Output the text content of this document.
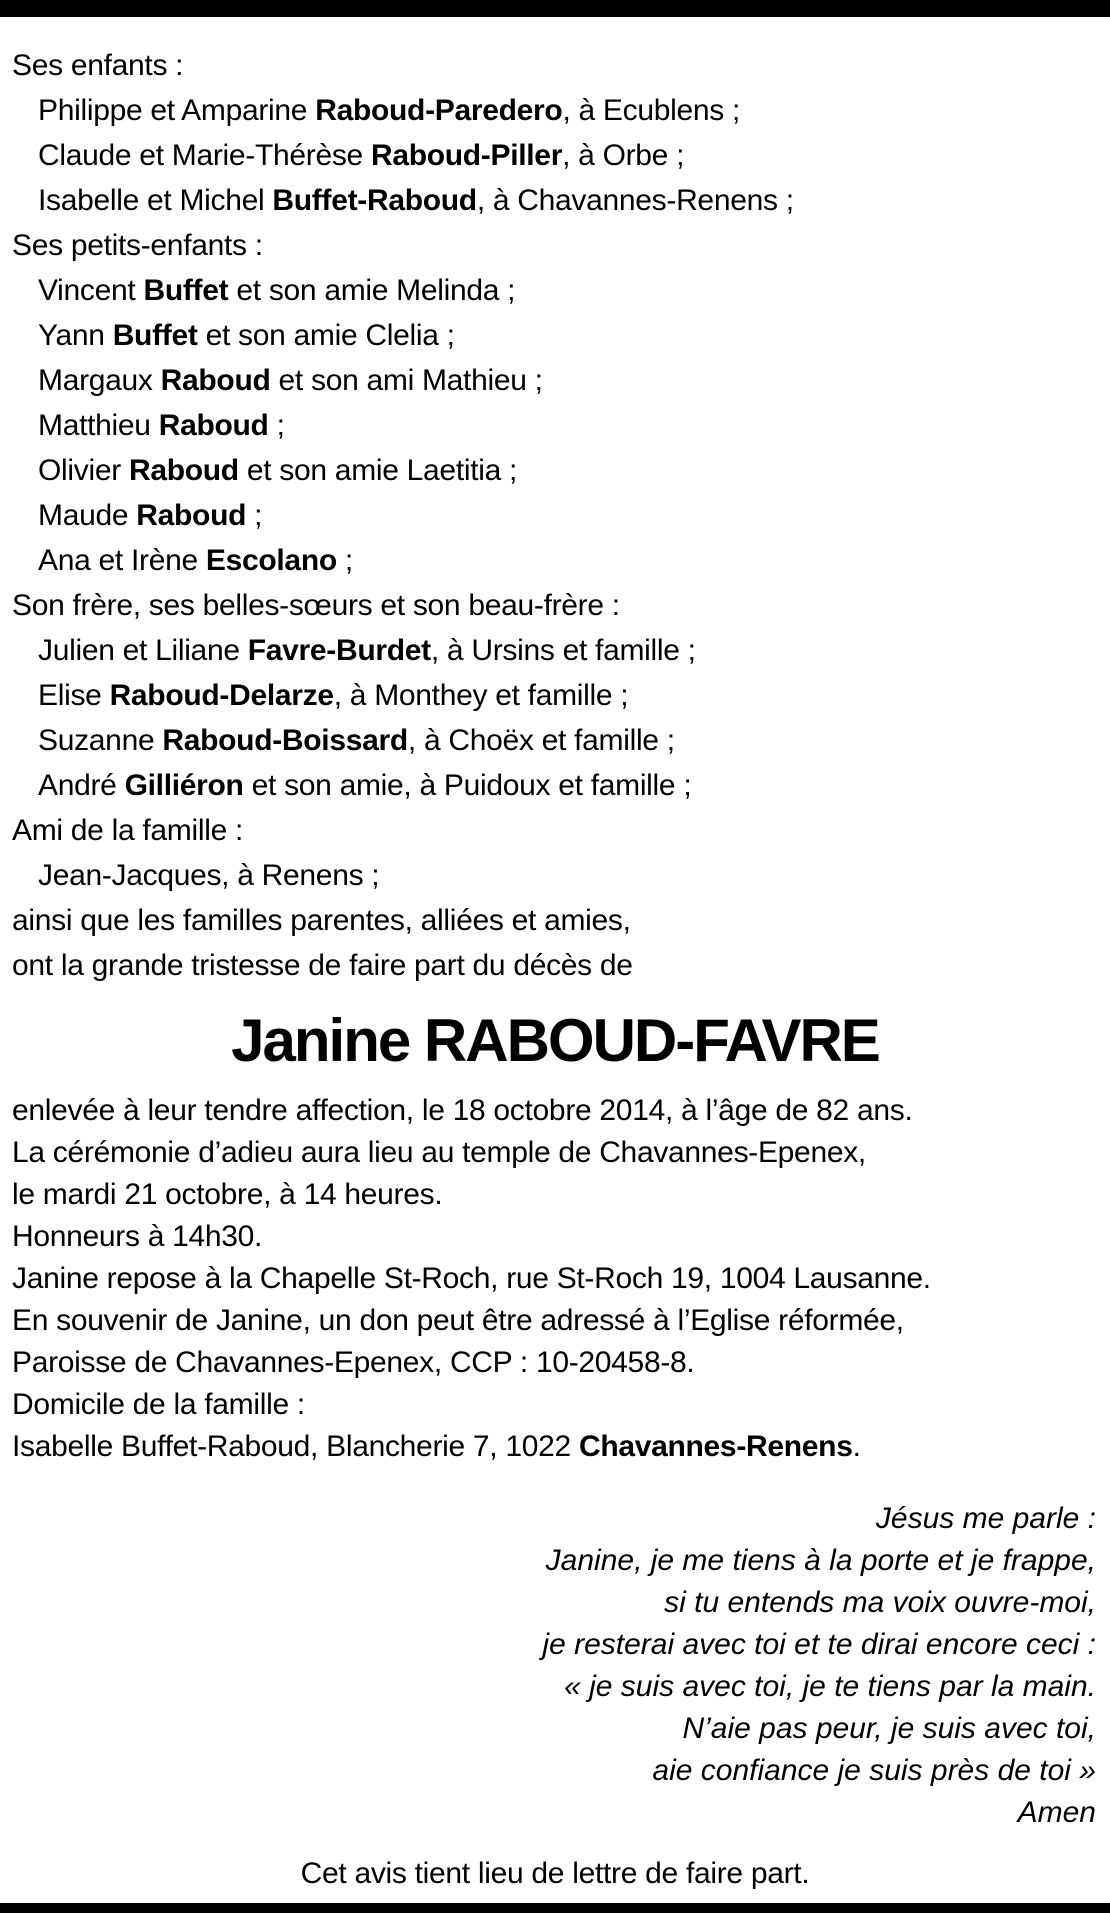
Ses enfants :
Philippe et Amparine Raboud-Paredero, à Ecublens ;
Claude et Marie-Thérèse Raboud-Piller, à Orbe ;
Isabelle et Michel Buffet-Raboud, à Chavannes-Renens ;
Ses petits-enfants :
Vincent Buffet et son amie Melinda ;
Yann Buffet et son amie Clelia ;
Margaux Raboud et son ami Mathieu ;
Matthieu Raboud ;
Olivier Raboud et son amie Laetitia ;
Maude Raboud ;
Ana et Irène Escolano ;
Son frère, ses belles-sœurs et son beau-frère :
Julien et Liliane Favre-Burdet, à Ursins et famille ;
Elise Raboud-Delarze, à Monthey et famille ;
Suzanne Raboud-Boissard, à Choëx et famille ;
André Gilliéron et son amie, à Puidoux et famille ;
Ami de la famille :
Jean-Jacques, à Renens ;
ainsi que les familles parentes, alliées et amies,
ont la grande tristesse de faire part du décès de
Janine RABOUD-FAVRE
enlevée à leur tendre affection, le 18 octobre 2014, à l’âge de 82 ans.
La cérémonie d’adieu aura lieu au temple de Chavannes-Epenex,
le mardi 21 octobre, à 14 heures.
Honneurs à 14h30.
Janine repose à la Chapelle St-Roch, rue St-Roch 19, 1004 Lausanne.
En souvenir de Janine, un don peut être adressé à l’Eglise réformée,
Paroisse de Chavannes-Epenex, CCP : 10-20458-8.
Domicile de la famille :
Isabelle Buffet-Raboud, Blancherie 7, 1022 Chavannes-Renens.
Jésus me parle :
Janine, je me tiens à la porte et je frappe,
si tu entends ma voix ouvre-moi,
je resterai avec toi et te dirai encore ceci :
« je suis avec toi, je te tiens par la main.
N’aie pas peur, je suis avec toi,
aie confiance je suis près de toi »
Amen
Cet avis tient lieu de lettre de faire part.
